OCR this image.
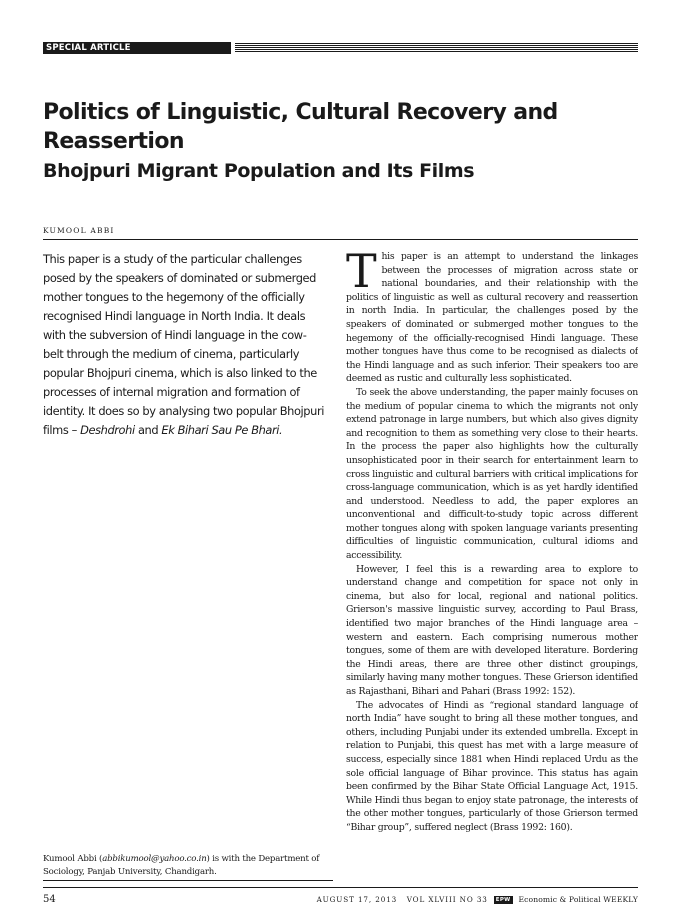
SPECIAL ARTICLE
Politics of Linguistic, Cultural Recovery and Reassertion
Bhojpuri Migrant Population and Its Films
KUMOOL ABBI

This paper is a study of the particular challenges posed by the speakers of dominated or submerged mother tongues to the hegemony of the officially recognised Hindi language in North India. It deals with the subversion of Hindi language in the cow-belt through the medium of cinema, particularly popular Bhojpuri cinema, which is also linked to the processes of internal migration and formation of identity. It does so by analysing two popular Bhojpuri films – Deshdrohi and Ek Bihari Sau Pe Bhari.

Kumool Abbi (abbikumool@yahoo.co.in) is with the Department of Sociology, Panjab University, Chandigarh.

This paper is an attempt to understand the linkages between the processes of migration across state or national boundaries, and their relationship with the politics of linguistic as well as cultural recovery and reassertion in north India. In particular, the challenges posed by the speakers of dominated or submerged mother tongues to the hegemony of the officially-recognised Hindi language. These mother tongues have thus come to be recognised as dialects of the Hindi language and as such inferior. Their speakers too are deemed as rustic and culturally less sophisticated.

To seek the above understanding, the paper mainly focuses on the medium of popular cinema to which the migrants not only extend patronage in large numbers, but which also gives dignity and recognition to them as something very close to their hearts. In the process the paper also highlights how the culturally unsophisticated poor in their search for entertainment learn to cross linguistic and cultural barriers with critical implications for cross-language communication, which is as yet hardly identified and understood. Needless to add, the paper explores an unconventional and difficult-to-study topic across different mother tongues along with spoken language variants presenting difficulties of linguistic communication, cultural idioms and accessibility.

However, I feel this is a rewarding area to explore to understand change and competition for space not only in cinema, but also for local, regional and national politics. Grierson's massive linguistic survey, according to Paul Brass, identified two major branches of the Hindi language area – western and eastern. Each comprising numerous mother tongues, some of them are with developed literature. Bordering the Hindi areas, there are three other distinct groupings, similarly having many mother tongues. These Grierson identified as Rajasthani, Bihari and Pahari (Brass 1992: 152).

The advocates of Hindi as “regional standard language of north India” have sought to bring all these mother tongues, and others, including Punjabi under its extended umbrella. Except in relation to Punjabi, this quest has met with a large measure of success, especially since 1881 when Hindi replaced Urdu as the sole official language of Bihar province. This status has again been confirmed by the Bihar State Official Language Act, 1915. While Hindi thus began to enjoy state patronage, the interests of the other mother tongues, particularly of those Grierson termed “Bihar group”, suffered neglect (Brass 1992: 160).

54	AUGUST 17, 2013   VOL XLVIII NO 33	EPW Economic & Political WEEKLY
